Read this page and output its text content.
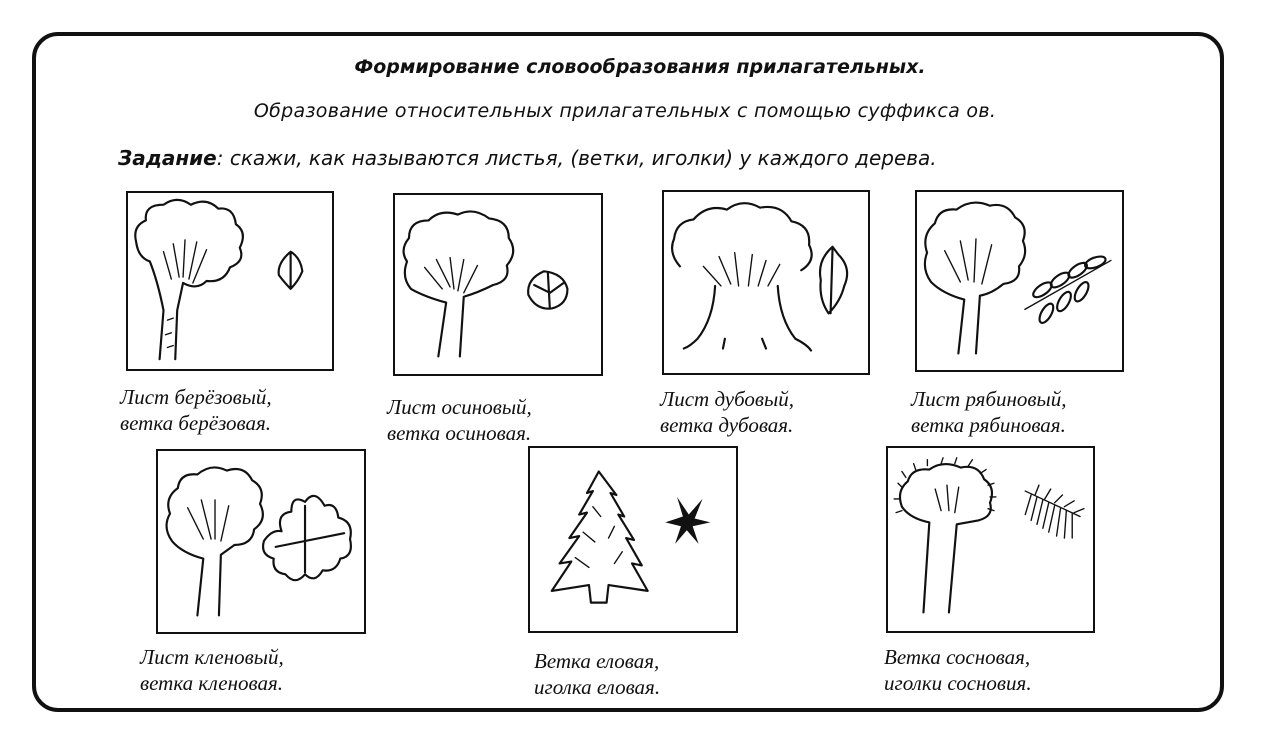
Формирование словообразования прилагательных.
Образование относительных прилагательных с помощью суффикса ов.
Задание: скажи, как называются листья, (ветки, иголки) у каждого дерева.
Лист берёзовый,
ветка берёзовая.
Лист осиновый,
ветка осиновая.
Лист дубовый,
ветка дубовая.
Лист рябиновый,
ветка рябиновая.
Лист кленовый,
ветка кленовая.
Ветка еловая,
иголка еловая.
Ветка сосновая,
иголки сосновия.
